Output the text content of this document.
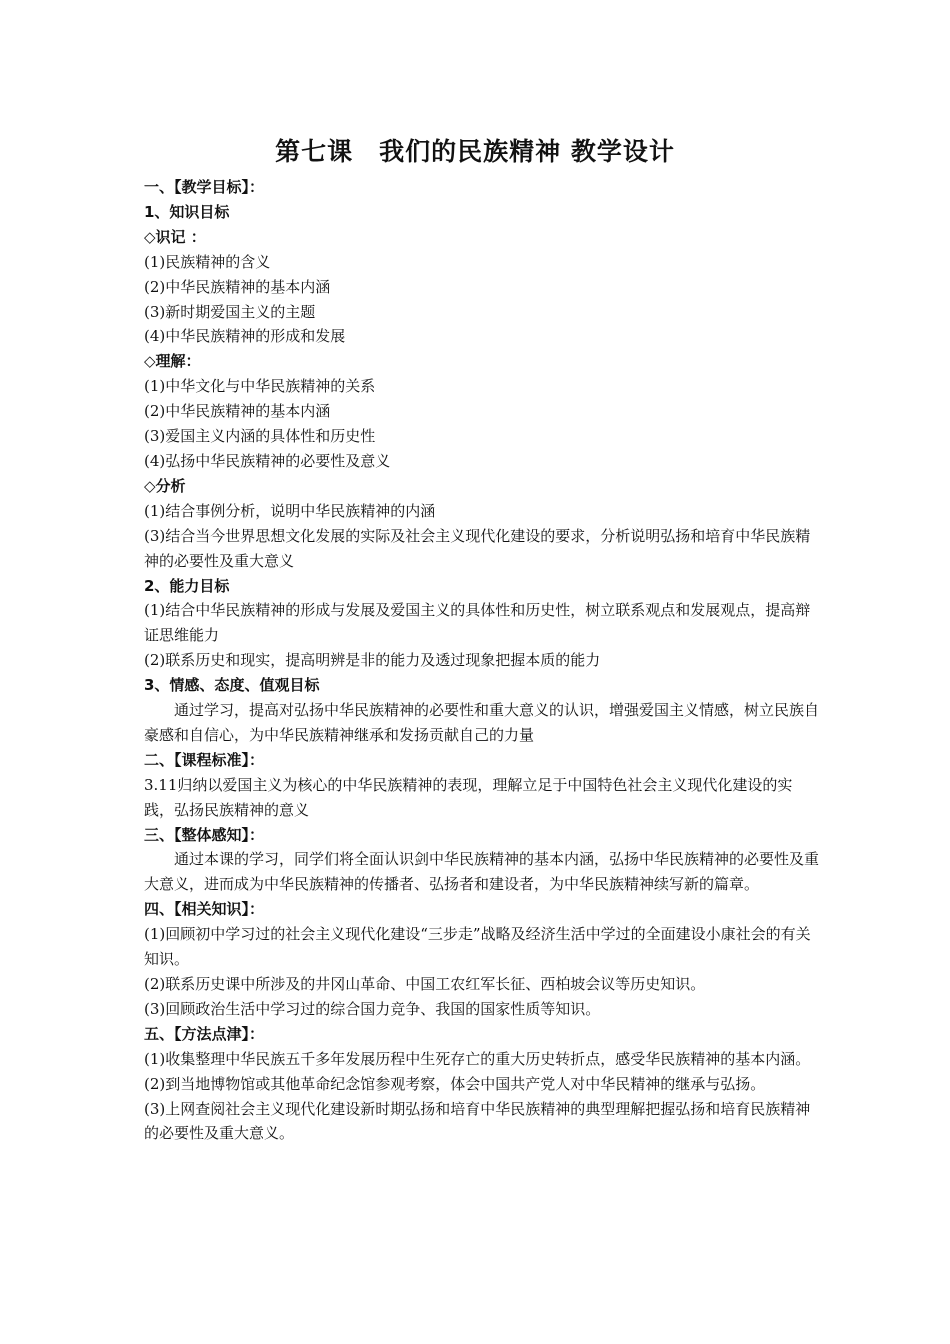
第七课　我们的民族精神 教学设计

一、【教学目标】：

1、知识目标

◇识记 ：

(1)民族精神的含义

(2)中华民族精神的基本内涵

(3)新时期爱国主义的主题

(4)中华民族精神的形成和发展

◇理解：

(1)中华文化与中华民族精神的关系

(2)中华民族精神的基本内涵

(3)爱国主义内涵的具体性和历史性

(4)弘扬中华民族精神的必要性及意义

◇分析

(1)结合事例分析，说明中华民族精神的内涵

(3)结合当今世界思想文化发展的实际及社会主义现代化建设的要求，分析说明弘扬和培育中华民族精神的必要性及重大意义

2、能力目标

(1)结合中华民族精神的形成与发展及爱国主义的具体性和历史性，树立联系观点和发展观点，提高辩证思维能力

(2)联系历史和现实，提高明辨是非的能力及透过现象把握本质的能力

3、情感、态度、值观目标

通过学习，提高对弘扬中华民族精神的必要性和重大意义的认识，增强爱国主义情感，树立民族自豪感和自信心，为中华民族精神继承和发扬贡献自己的力量

二、【课程标准】：

3.11归纳以爱国主义为核心的中华民族精神的表现，理解立足于中国特色社会主义现代化建设的实践，弘扬民族精神的意义

三、【整体感知】：

通过本课的学习，同学们将全面认识剑中华民族精神的基本内涵，弘扬中华民族精神的必要性及重大意义，进而成为中华民族精神的传播者、弘扬者和建设者，为中华民族精神续写新的篇章。

四、【相关知识】：

(1)回顾初中学习过的社会主义现代化建设“三步走”战略及经济生活中学过的全面建设小康社会的有关知识。

(2)联系历史课中所涉及的井冈山革命、中国工农红军长征、西柏坡会议等历史知识。

(3)回顾政治生活中学习过的综合国力竞争、我国的国家性质等知识。

五、【方法点津】：

(1)收集整理中华民族五千多年发展历程中生死存亡的重大历史转折点，感受华民族精神的基本内涵。

(2)到当地博物馆或其他革命纪念馆参观考察，体会中国共产党人对中华民精神的继承与弘扬。

(3)上网查阅社会主义现代化建设新时期弘扬和培育中华民族精神的典型理解把握弘扬和培育民族精神的必要性及重大意义。
